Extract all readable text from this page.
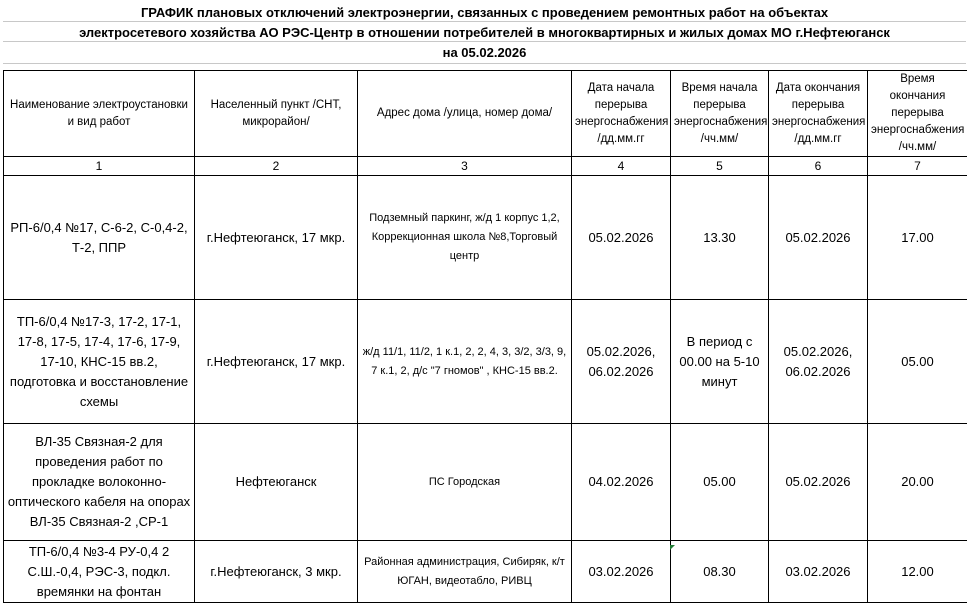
ГРАФИК плановых отключений электроэнергии, связанных с проведением ремонтных работ на объектах
электросетевого хозяйства АО РЭС-Центр в отношении потребителей в многоквартирных и жилых домах МО г.Нефтеюганск
на 05.02.2026
Наименование электроустановки и вид работ	Населенный пункт /СНТ, микрорайон/	Адрес дома /улица, номер дома/	Дата начала перерыва энергоснабжения /дд.мм.гг	Время начала перерыва энергоснабжения /чч.мм/	Дата окончания перерыва энергоснабжения /дд.мм.гг	Время окончания перерыва энергоснабжения /чч.мм/
1	2	3	4	5	6	7
РП-6/0,4 №17, С-6-2, С-0,4-2, Т-2, ППР	г.Нефтеюганск, 17 мкр.	Подземный паркинг, ж/д 1 корпус 1,2, Коррекционная школа №8,Торговый центр	05.02.2026	13.30	05.02.2026	17.00
ТП-6/0,4 №17-3, 17-2, 17-1, 17-8, 17-5, 17-4, 17-6, 17-9, 17-10, КНС-15 вв.2, подготовка и восстановление схемы	г.Нефтеюганск, 17 мкр.	ж/д 11/1, 11/2, 1 к.1, 2, 2, 4, 3, 3/2, 3/3, 9, 7 к.1, 2, д/с "7 гномов" , КНС-15 вв.2.	05.02.2026, 06.02.2026	В период с 00.00 на 5-10 минут	05.02.2026, 06.02.2026	05.00
ВЛ-35 Связная-2 для проведения работ по прокладке волоконно-оптического кабеля на опорах ВЛ-35 Связная-2 ,СР-1	Нефтеюганск	ПС Городская	04.02.2026	05.00	05.02.2026	20.00
ТП-6/0,4 №3-4 РУ-0,4 2 С.Ш.-0,4, РЭС-3, подкл. времянки на фонтан	г.Нефтеюганск, 3 мкр.	Районная администрация, Сибиряк, к/т ЮГАН, видеотабло, РИВЦ	03.02.2026	08.30	03.02.2026	12.00
